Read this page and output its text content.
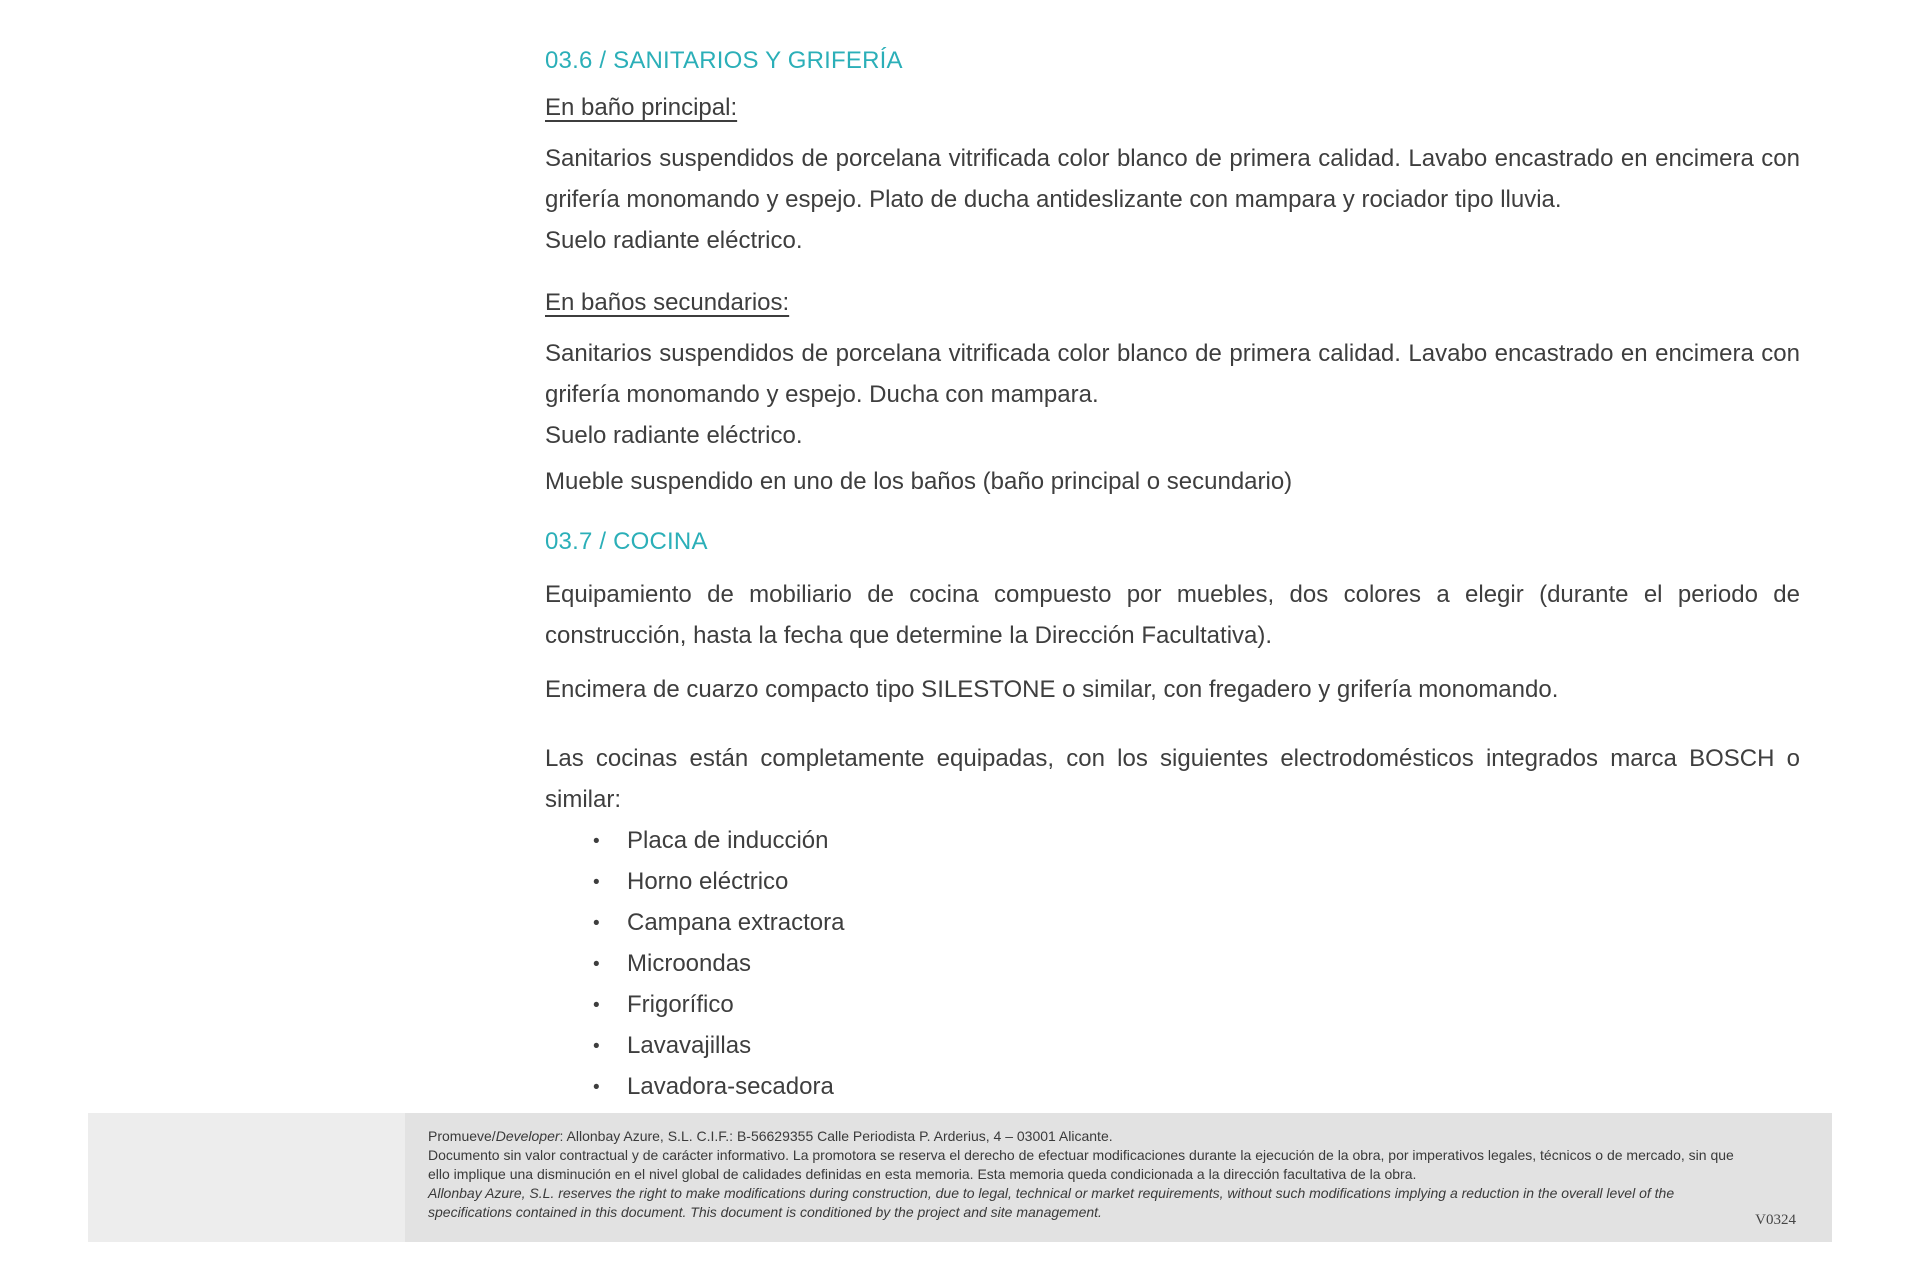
03.6 / SANITARIOS Y GRIFERÍA
En baño principal:

Sanitarios suspendidos de porcelana vitrificada color blanco de primera calidad. Lavabo encastrado en encimera con grifería monomando y espejo. Plato de ducha antideslizante con mampara y rociador tipo lluvia.

Suelo radiante eléctrico.

En baños secundarios:

Sanitarios suspendidos de porcelana vitrificada color blanco de primera calidad. Lavabo encastrado en encimera con grifería monomando y espejo. Ducha con mampara.

Suelo radiante eléctrico.

Mueble suspendido en uno de los baños (baño principal o secundario)

03.7 / COCINA

Equipamiento de mobiliario de cocina compuesto por muebles, dos colores a elegir (durante el periodo de construcción, hasta la fecha que determine la Dirección Facultativa).

Encimera de cuarzo compacto tipo SILESTONE o similar, con fregadero y grifería monomando.

Las cocinas están completamente equipadas, con los siguientes electrodomésticos integrados marca BOSCH o similar:

• Placa de inducción
• Horno eléctrico
• Campana extractora
• Microondas
• Frigorífico
• Lavavajillas
• Lavadora-secadora

Promueve/Developer: Allonbay Azure, S.L. C.I.F.: B-56629355 Calle Periodista P. Arderius, 4 – 03001 Alicante.

Documento sin valor contractual y de carácter informativo. La promotora se reserva el derecho de efectuar modificaciones durante la ejecución de la obra, por imperativos legales, técnicos o de mercado, sin que ello implique una disminución en el nivel global de calidades definidas en esta memoria. Esta memoria queda condicionada a la dirección facultativa de la obra.

Allonbay Azure, S.L. reserves the right to make modifications during construction, due to legal, technical or market requirements, without such modifications implying a reduction in the overall level of the specifications contained in this document. This document is conditioned by the project and site management.	V0324
